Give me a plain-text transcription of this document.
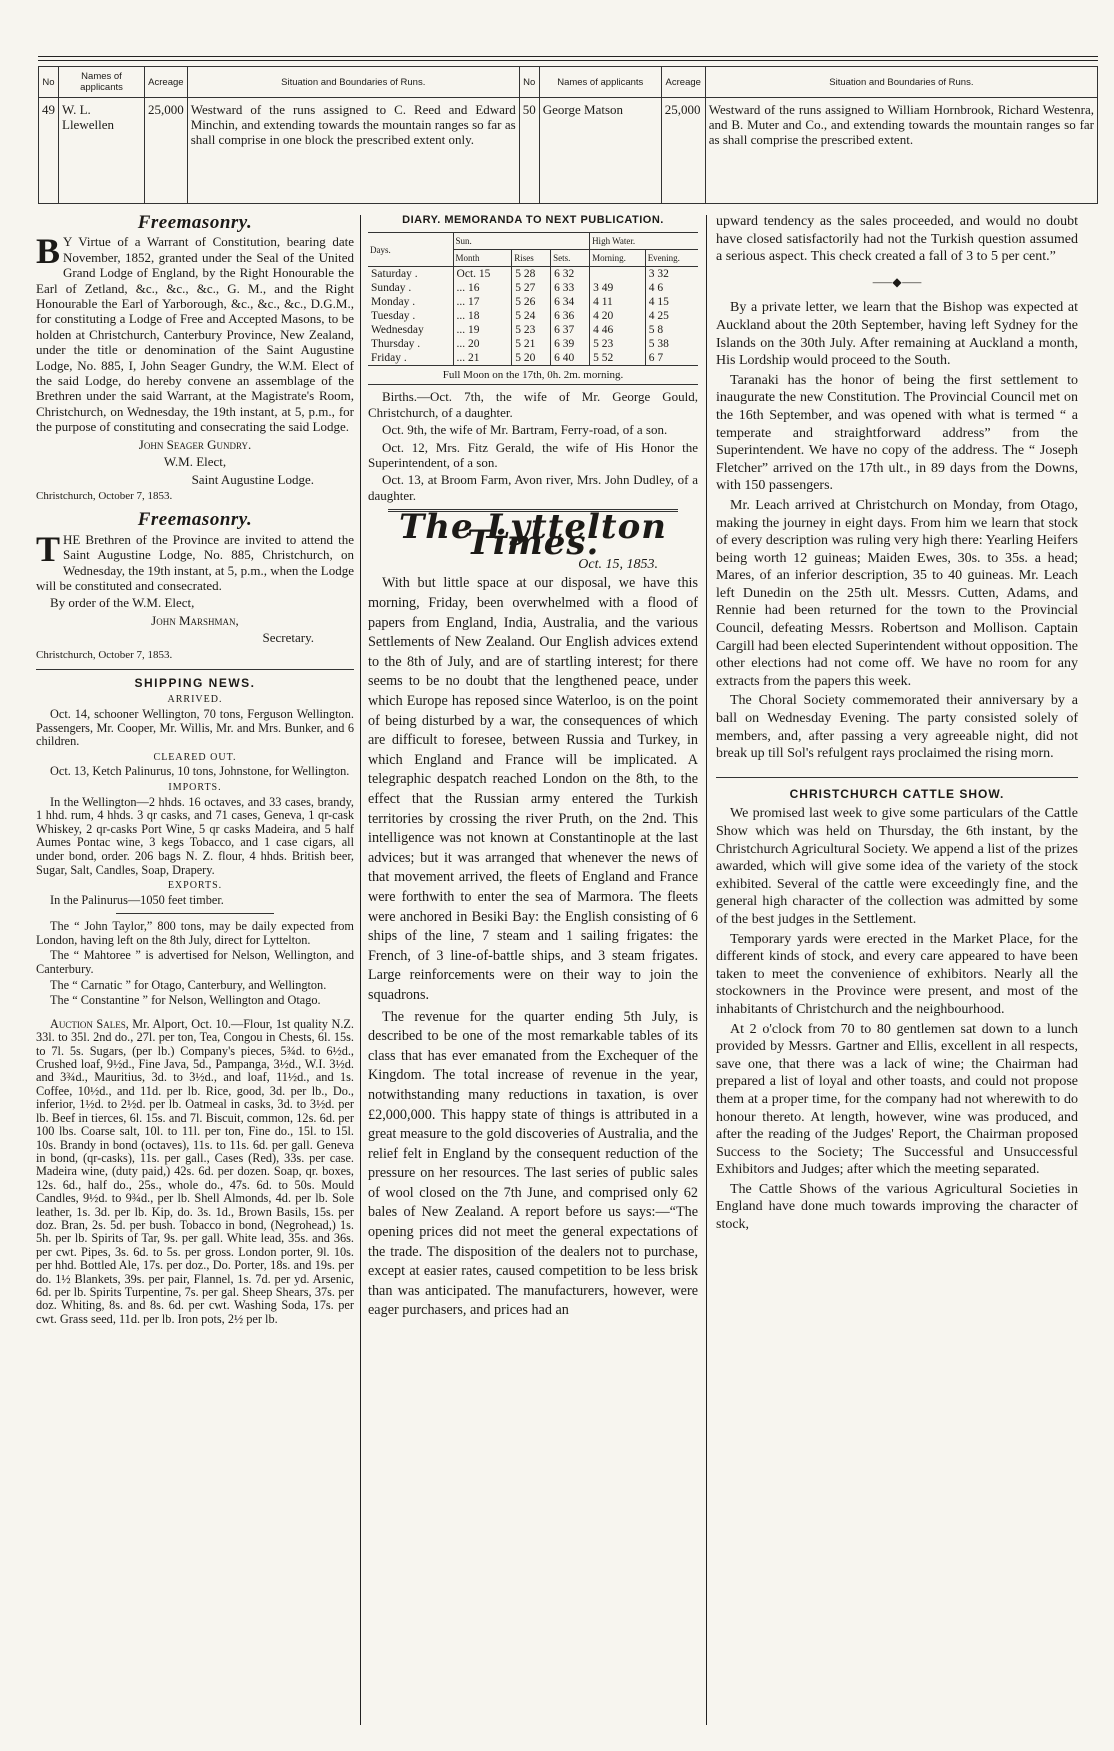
No	Names of applicants	Acreage	Situation and Boundaries of Runs.	No	Names of applicants	Acreage	Situation and Boundaries of Runs.
49	W. L. Llewellen	25,000	Westward of the runs assigned to C. Reed and Edward Minchin, and extending towards the mountain ranges so far as shall comprise in one block the prescribed extent only.	50	George Matson	25,000	Westward of the runs assigned to William Hornbrook, Richard Westenra, and B. Muter and Co., and extending towards the mountain ranges so far as shall comprise the prescribed extent.
Freemasonry.

B Y Virtue of a Warrant of Constitution, bearing date November, 1852, granted under the Seal of the United Grand Lodge of England, by the Right Honourable the Earl of Zetland, &c., &c., &c., G. M., and the Right Honourable the Earl of Yarborough, &c., &c., &c., D.G.M., for constituting a Lodge of Free and Accepted Masons, to be holden at Christchurch, Canterbury Province, New Zealand, under the title or denomination of the Saint Augustine Lodge, No. 885, I, John Seager Gundry, the W.M. Elect of the said Lodge, do hereby convene an assemblage of the Brethren under the said Warrant, at the Magistrate's Room, Christchurch, on Wednesday, the 19th instant, at 5, p.m., for the purpose of constituting and consecrating the said Lodge.

John Seager Gundry.

W.M. Elect,

Saint Augustine Lodge.

Christchurch, October 7, 1853.

Freemasonry.

THE Brethren of the Province are invited to attend the Saint Augustine Lodge, No. 885, Christchurch, on Wednesday, the 19th instant, at 5, p.m., when the Lodge will be constituted and consecrated.

By order of the W.M. Elect,

John Marshman,

Secretary.

Christchurch, October 7, 1853.

SHIPPING NEWS.
ARRIVED.

Oct. 14, schooner Wellington, 70 tons, Ferguson Wellington. Passengers, Mr. Cooper, Mr. Willis, Mr. and Mrs. Bunker, and 6 children.

CLEARED OUT.

Oct. 13, Ketch Palinurus, 10 tons, Johnstone, for Wellington.

IMPORTS.

In the Wellington—2 hhds. 16 octaves, and 33 cases, brandy, 1 hhd. rum, 4 hhds. 3 qr casks, and 71 cases, Geneva, 1 qr-cask Whiskey, 2 qr-casks Port Wine, 5 qr casks Madeira, and 5 half Aumes Pontac wine, 3 kegs Tobacco, and 1 case cigars, all under bond, order. 206 bags N. Z. flour, 4 hhds. British beer, Sugar, Salt, Candles, Soap, Drapery.

EXPORTS.

In the Palinurus—1050 feet timber.

The “ John Taylor,” 800 tons, may be daily expected from London, having left on the 8th July, direct for Lyttelton.

The “ Mahtoree ” is advertised for Nelson, Wellington, and Canterbury.

The “ Carnatic ” for Otago, Canterbury, and Wellington.

The “ Constantine ” for Nelson, Wellington and Otago.

Auction Sales, Mr. Alport, Oct. 10.—Flour, 1st quality N.Z. 33l. to 35l. 2nd do., 27l. per ton, Tea, Congou in Chests, 6l. 15s. to 7l. 5s. Sugars, (per lb.) Company's pieces, 5¾d. to 6½d., Crushed loaf, 9½d., Fine Java, 5d., Pampanga, 3½d., W.I. 3½d. and 3¾d., Mauritius, 3d. to 3½d., and loaf, 11½d., and 1s. Coffee, 10½d., and 11d. per lb. Rice, good, 3d. per lb., Do., inferior, 1½d. to 2½d. per lb. Oatmeal in casks, 3d. to 3½d. per lb. Beef in tierces, 6l. 15s. and 7l. Biscuit, common, 12s. 6d. per 100 lbs. Coarse salt, 10l. to 11l. per ton, Fine do., 15l. to 15l. 10s. Brandy in bond (octaves), 11s. to 11s. 6d. per gall. Geneva in bond, (qr-casks), 11s. per gall., Cases (Red), 33s. per case. Madeira wine, (duty paid,) 42s. 6d. per dozen. Soap, qr. boxes, 12s. 6d., half do., 25s., whole do., 47s. 6d. to 50s. Mould Candles, 9½d. to 9¾d., per lb. Shell Almonds, 4d. per lb. Sole leather, 1s. 3d. per lb. Kip, do. 3s. 1d., Brown Basils, 15s. per doz. Bran, 2s. 5d. per bush. Tobacco in bond, (Negrohead,) 1s. 5h. per lb. Spirits of Tar, 9s. per gall. White lead, 35s. and 36s. per cwt. Pipes, 3s. 6d. to 5s. per gross. London porter, 9l. 10s. per hhd. Bottled Ale, 17s. per doz., Do. Porter, 18s. and 19s. per do. 1½ Blankets, 39s. per pair, Flannel, 1s. 7d. per yd. Arsenic, 6d. per lb. Spirits Turpentine, 7s. per gal. Sheep Shears, 37s. per doz. Whiting, 8s. and 8s. 6d. per cwt. Washing Soda, 17s. per cwt. Grass seed, 11d. per lb. Iron pots, 2½ per lb.

DIARY. MEMORANDA TO NEXT PUBLICATION.
Days.	Sun.			High Water.	
	Month	Rises	Sets.	Morning.	Evening.
Saturday .	Oct. 15	5 28	6 32		3 32
Sunday .	... 16	5 27	6 33	3 49	4 6
Monday .	... 17	5 26	6 34	4 11	4 15
Tuesday .	... 18	5 24	6 36	4 20	4 25
Wednesday	... 19	5 23	6 37	4 46	5 8
Thursday .	... 20	5 21	6 39	5 23	5 38
Friday .	... 21	5 20	6 40	5 52	6 7
Full Moon on the 17th, 0h. 2m. morning.					

Births.—Oct. 7th, the wife of Mr. George Gould, Christchurch, of a daughter.

Oct. 9th, the wife of Mr. Bartram, Ferry-road, of a son.

Oct. 12, Mrs. Fitz Gerald, the wife of His Honor the Superintendent, of a son.

Oct. 13, at Broom Farm, Avon river, Mrs. John Dudley, of a daughter.

The Lyttelton Times.

Oct. 15, 1853.

With but little space at our disposal, we have this morning, Friday, been overwhelmed with a flood of papers from England, India, Australia, and the various Settlements of New Zealand. Our English advices extend to the 8th of July, and are of startling interest; for there seems to be no doubt that the lengthened peace, under which Europe has reposed since Waterloo, is on the point of being disturbed by a war, the consequences of which are difficult to foresee, between Russia and Turkey, in which England and France will be implicated. A telegraphic despatch reached London on the 8th, to the effect that the Russian army entered the Turkish territories by crossing the river Pruth, on the 2nd. This intelligence was not known at Constantinople at the last advices; but it was arranged that whenever the news of that movement arrived, the fleets of England and France were forthwith to enter the sea of Marmora. The fleets were anchored in Besiki Bay: the English consisting of 6 ships of the line, 7 steam and 1 sailing frigates: the French, of 3 line-of-battle ships, and 3 steam frigates. Large reinforcements were on their way to join the squadrons.

The revenue for the quarter ending 5th July, is described to be one of the most remarkable tables of its class that has ever emanated from the Exchequer of the Kingdom. The total increase of revenue in the year, notwithstanding many reductions in taxation, is over £2,000,000. This happy state of things is attributed in a great measure to the gold discoveries of Australia, and the relief felt in England by the consequent reduction of the pressure on her resources. The last series of public sales of wool closed on the 7th June, and comprised only 62 bales of New Zealand. A report before us says:—“The opening prices did not meet the general expectations of the trade. The disposition of the dealers not to purchase, except at easier rates, caused competition to be less brisk than was anticipated. The manufacturers, however, were eager purchasers, and prices had an

upward tendency as the sales proceeded, and would no doubt have closed satisfactorily had not the Turkish question assumed a serious aspect. This check created a fall of 3 to 5 per cent.”

⸺◆⸺

By a private letter, we learn that the Bishop was expected at Auckland about the 20th September, having left Sydney for the Islands on the 30th July. After remaining at Auckland a month, His Lordship would proceed to the South.

Taranaki has the honor of being the first settlement to inaugurate the new Constitution. The Provincial Council met on the 16th September, and was opened with what is termed “ a temperate and straightforward address” from the Superintendent. We have no copy of the address. The “ Joseph Fletcher” arrived on the 17th ult., in 89 days from the Downs, with 150 passengers.

Mr. Leach arrived at Christchurch on Monday, from Otago, making the journey in eight days. From him we learn that stock of every description was ruling very high there: Yearling Heifers being worth 12 guineas; Maiden Ewes, 30s. to 35s. a head; Mares, of an inferior description, 35 to 40 guineas. Mr. Leach left Dunedin on the 25th ult. Messrs. Cutten, Adams, and Rennie had been returned for the town to the Provincial Council, defeating Messrs. Robertson and Mollison. Captain Cargill had been elected Superintendent without opposition. The other elections had not come off. We have no room for any extracts from the papers this week.

The Choral Society commemorated their anniversary by a ball on Wednesday Evening. The party consisted solely of members, and, after passing a very agreeable night, did not break up till Sol's refulgent rays proclaimed the rising morn.

CHRISTCHURCH CATTLE SHOW.

We promised last week to give some particulars of the Cattle Show which was held on Thursday, the 6th instant, by the Christchurch Agricultural Society. We append a list of the prizes awarded, which will give some idea of the variety of the stock exhibited. Several of the cattle were exceedingly fine, and the general high character of the collection was admitted by some of the best judges in the Settlement.

Temporary yards were erected in the Market Place, for the different kinds of stock, and every care appeared to have been taken to meet the convenience of exhibitors. Nearly all the stockowners in the Province were present, and most of the inhabitants of Christchurch and the neighbourhood.

At 2 o'clock from 70 to 80 gentlemen sat down to a lunch provided by Messrs. Gartner and Ellis, excellent in all respects, save one, that there was a lack of wine; the Chairman had prepared a list of loyal and other toasts, and could not propose them at a proper time, for the company had not wherewith to do honour thereto. At length, however, wine was produced, and after the reading of the Judges' Report, the Chairman proposed Success to the Society; The Successful and Unsuccessful Exhibitors and Judges; after which the meeting separated.

The Cattle Shows of the various Agricultural Societies in England have done much towards improving the character of stock,
